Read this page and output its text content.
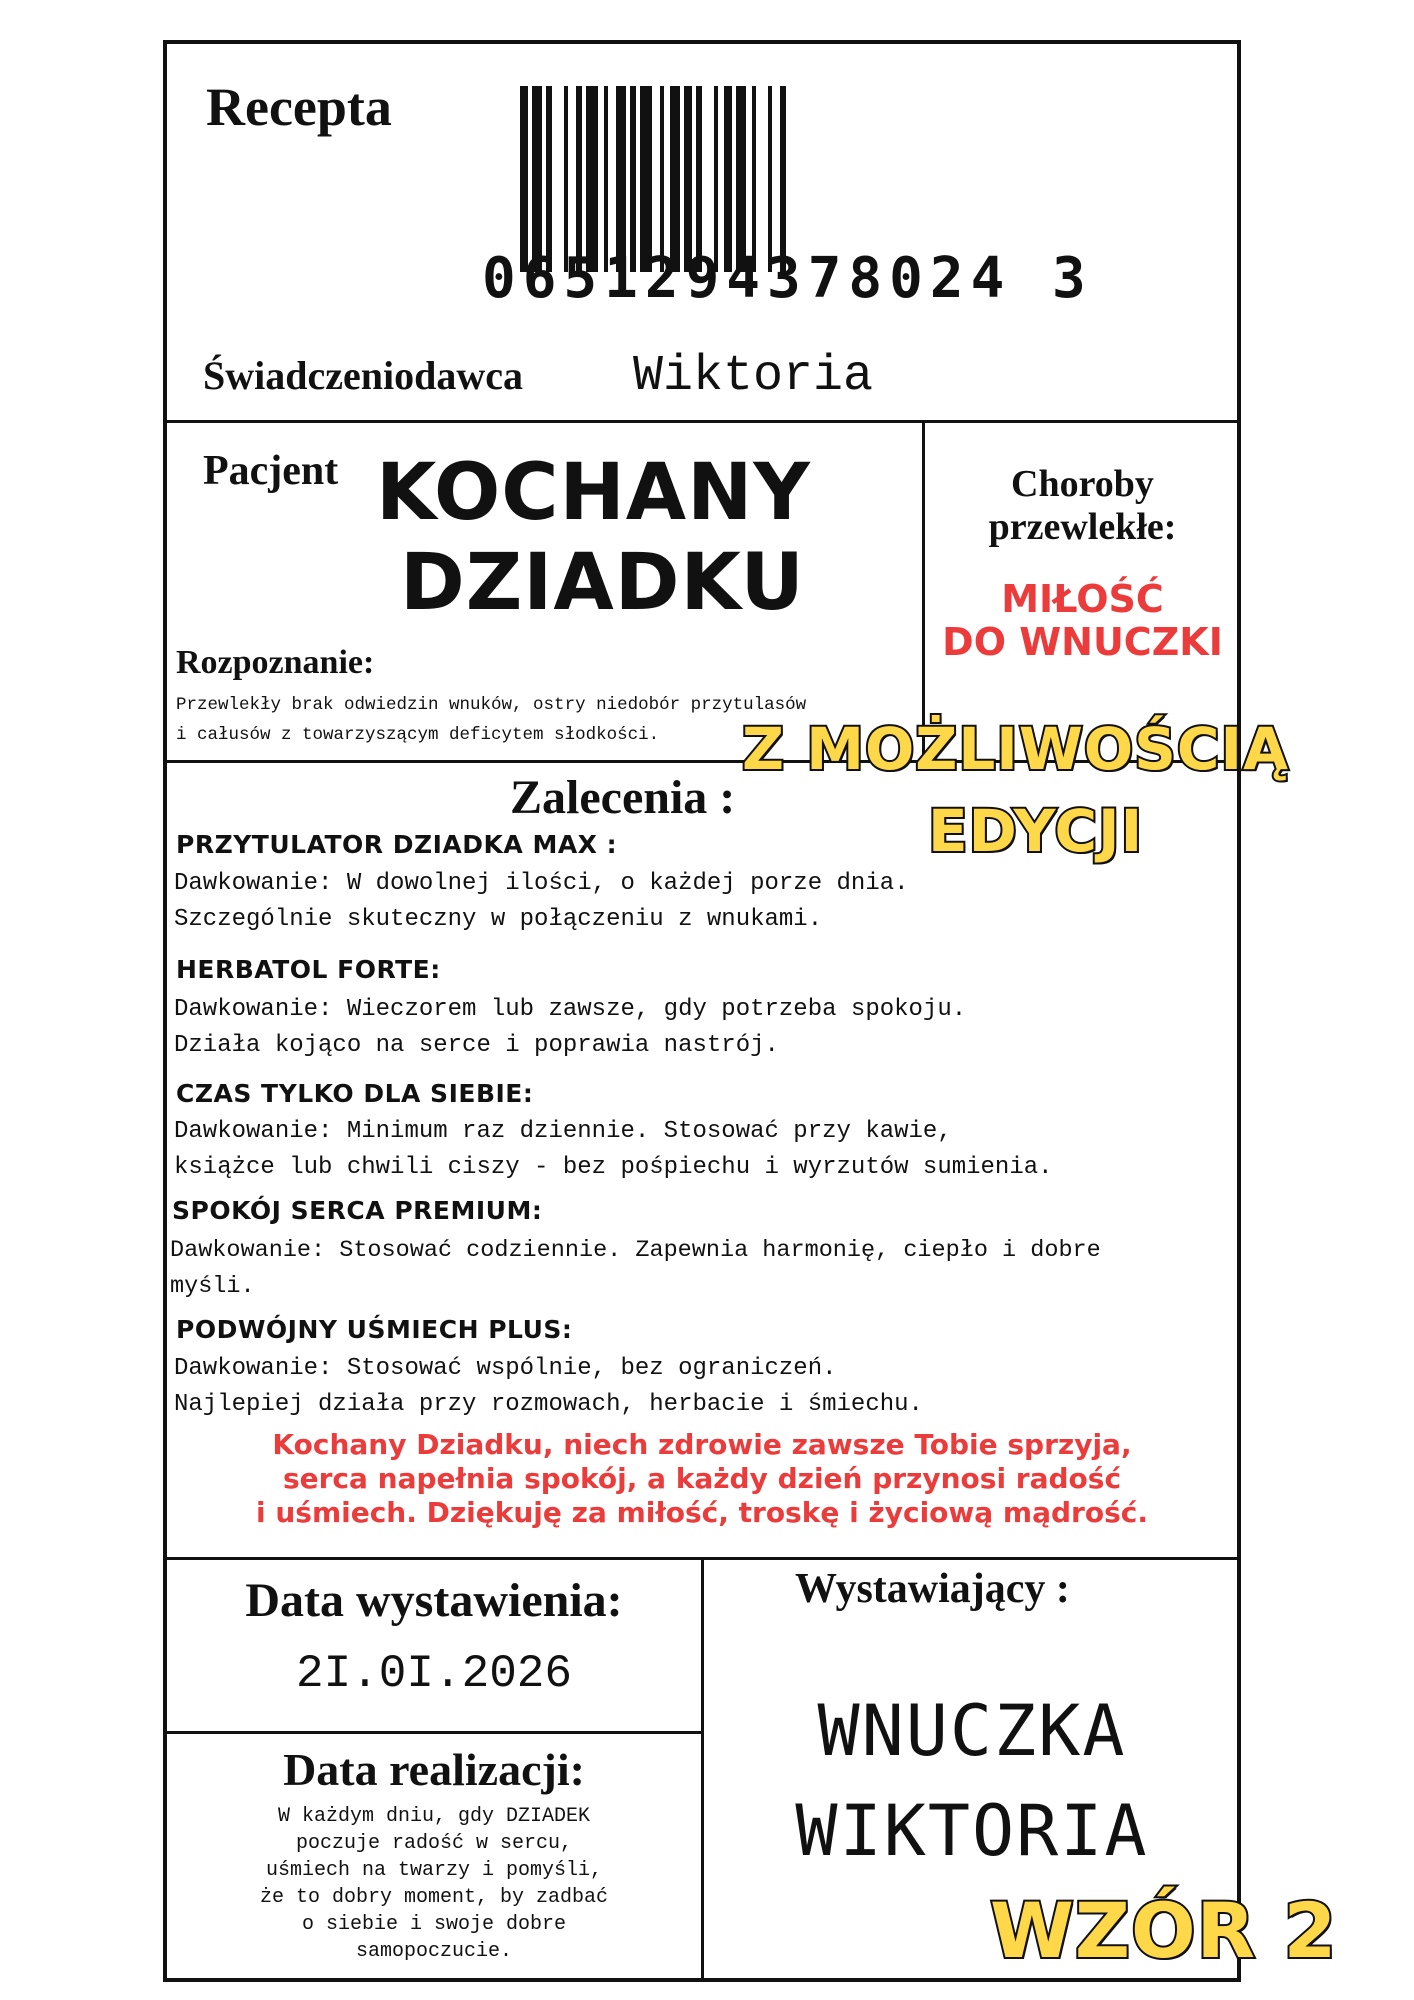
Recepta
0651294378024 3
Świadczeniodawca Wiktoria
Pacjent KOCHANY
DZIADKU
Rozpoznanie:
Przewlekły brak odwiedzin wnuków, ostry niedobór przytulasów
i całusów z towarzyszącym deficytem słodkości.
Choroby
przewlekłe:
MIŁOŚĆ
DO WNUCZKI
Z MOŻLIWOŚCIĄ
EDYCJI
Zalecenia :
PRZYTULATOR DZIADKA MAX :
Dawkowanie: W dowolnej ilości, o każdej porze dnia.
Szczególnie skuteczny w połączeniu z wnukami.
HERBATOL FORTE:
Dawkowanie: Wieczorem lub zawsze, gdy potrzeba spokoju.
Działa kojąco na serce i poprawia nastrój.
CZAS TYLKO DLA SIEBIE:
Dawkowanie: Minimum raz dziennie. Stosować przy kawie,
książce lub chwili ciszy - bez pośpiechu i wyrzutów sumienia.
SPOKÓJ SERCA PREMIUM:
Dawkowanie: Stosować codziennie. Zapewnia harmonię, ciepło i dobre
myśli.
PODWÓJNY UŚMIECH PLUS:
Dawkowanie: Stosować wspólnie, bez ograniczeń.
Najlepiej działa przy rozmowach, herbacie i śmiechu.
Kochany Dziadku, niech zdrowie zawsze Tobie sprzyja,
serca napełnia spokój, a każdy dzień przynosi radość
i uśmiech. Dziękuję za miłość, troskę i życiową mądrość.
Data wystawienia:
2I.0I.2026
Data realizacji:
W każdym dniu, gdy DZIADEK
poczuje radość w sercu,
uśmiech na twarzy i pomyśli,
że to dobry moment, by zadbać
o siebie i swoje dobre
samopoczucie.
Wystawiający :
WNUCZKA
WIKTORIA
WZÓR 2
